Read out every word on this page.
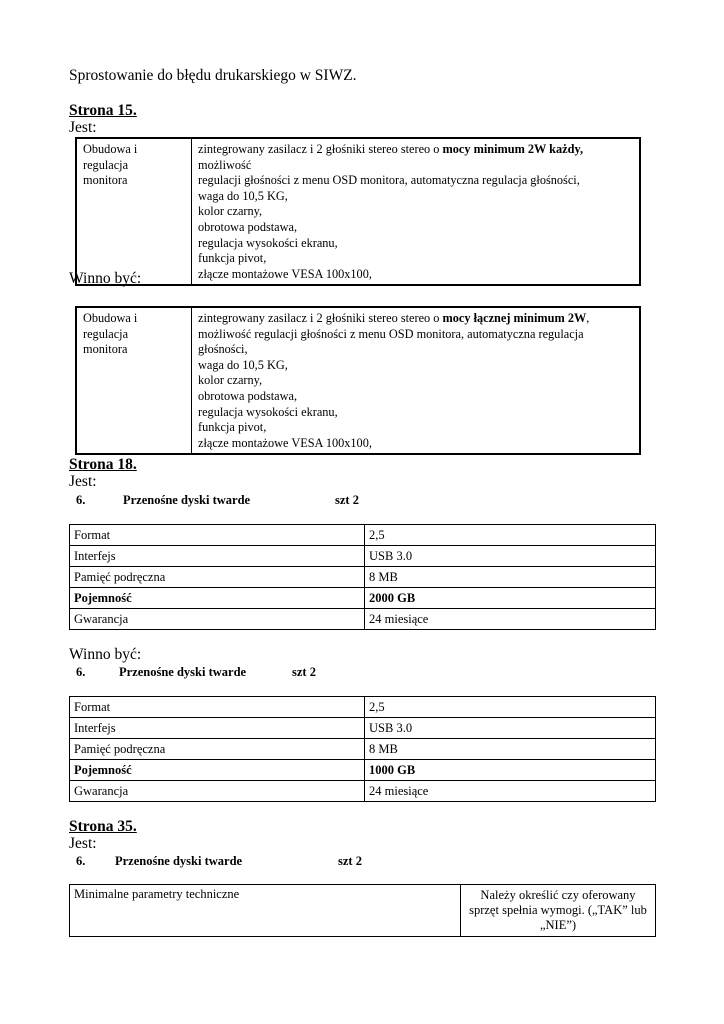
Sprostowanie do błędu drukarskiego w SIWZ.
Strona 15.
Jest:
Obudowa i
regulacja
monitora

zintegrowany zasilacz i 2 głośniki stereo stereo o mocy minimum 2W każdy, możliwość
regulacji głośności z menu OSD monitora, automatyczna regulacja głośności,
waga do 10,5 KG,
kolor czarny,
obrotowa podstawa,
regulacja wysokości ekranu,
funkcja pivot,
złącze montażowe VESA 100x100,
Winno być:
Obudowa i
regulacja
monitora

zintegrowany zasilacz i 2 głośniki stereo stereo o mocy łącznej minimum 2W,
możliwość regulacji głośności z menu OSD monitora, automatyczna regulacja głośności,
waga do 10,5 KG,
kolor czarny,
obrotowa podstawa,
regulacja wysokości ekranu,
funkcja pivot,
złącze montażowe VESA 100x100,
Strona 18.
Jest:
6.	Przenośne dyski twarde	szt 2
Format	2,5
Interfejs	USB 3.0
Pamięć podręczna	8 MB
Pojemność	2000 GB
Gwarancja	24 miesiące
Winno być:
6.	Przenośne dyski twarde	szt 2
Format	2,5
Interfejs	USB 3.0
Pamięć podręczna	8 MB
Pojemność	1000 GB
Gwarancja	24 miesiące
Strona 35.
Jest:
6. Przenośne dyski twarde	szt 2
Minimalne parametry techniczne	Należy określić czy oferowany
sprzęt spełnia wymogi. („TAK” lub
„NIE”)
